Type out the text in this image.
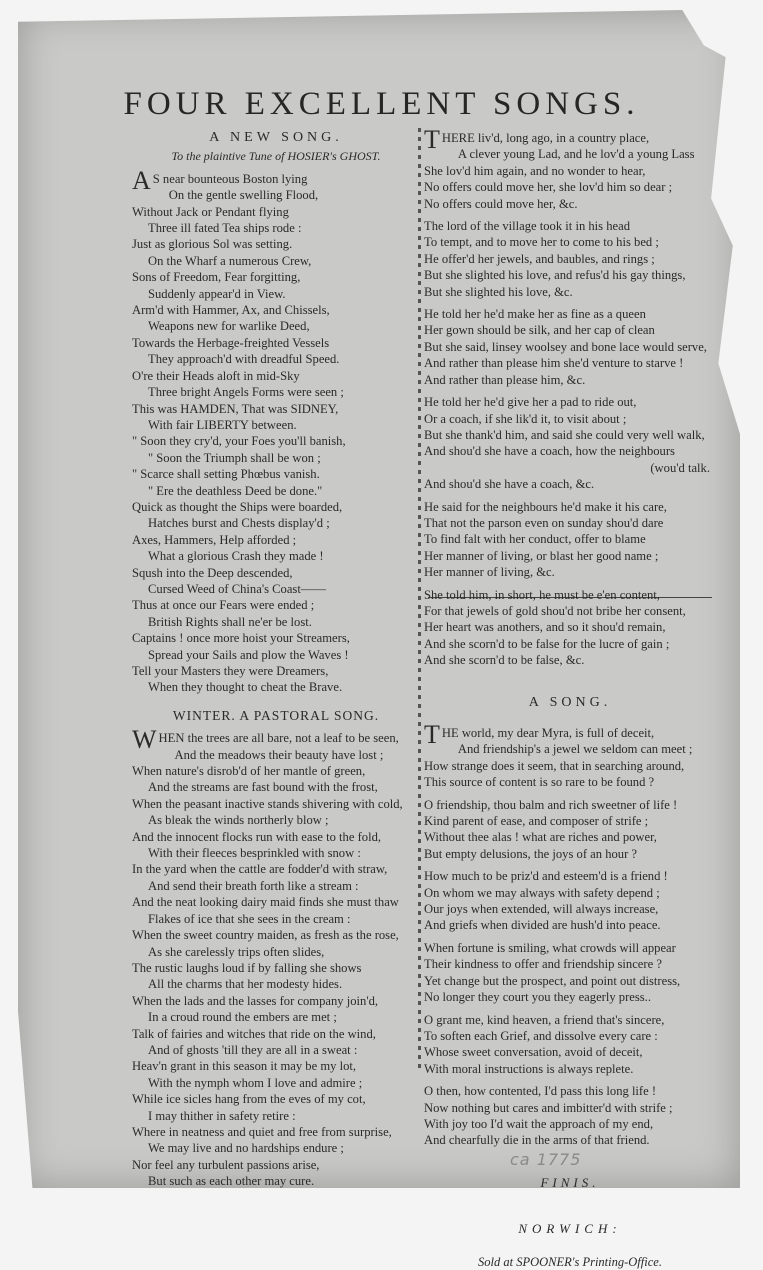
FOUR EXCELLENT SONGS.
A NEW SONG.
To the plaintive Tune of HOSIER's GHOST.
A S near bounteous Boston lying
On the gentle swelling Flood,
Without Jack or Pendant flying
Three ill fated Tea ships rode :
Just as glorious Sol was setting.
On the Wharf a numerous Crew,
Sons of Freedom, Fear forgitting,
Suddenly appear'd in View.
Arm'd with Hammer, Ax, and Chissels,
Weapons new for warlike Deed,
Towards the Herbage-freighted Vessels
They approach'd with dreadful Speed.
O're their Heads aloft in mid-Sky
Three bright Angels Forms were seen ;
This was HAMDEN, That was SIDNEY,
With fair LIBERTY between.
" Soon they cry'd, your Foes you'll banish,
" Soon the Triumph shall be won ;
" Scarce shall setting Phœbus vanish.
" Ere the deathless Deed be done."
Quick as thought the Ships were boarded,
Hatches burst and Chests display'd ;
Axes, Hammers, Help afforded ;
What a glorious Crash they made !
Sqush into the Deep descended,
Cursed Weed of China's Coast——
Thus at once our Fears were ended ;
British Rights shall ne'er be lost.
Captains ! once more hoist your Streamers,
Spread your Sails and plow the Waves !
Tell your Masters they were Dreamers,
When they thought to cheat the Brave.
WINTER. A PASTORAL SONG.
W HEN the trees are all bare, not a leaf to be seen,
And the meadows their beauty have lost ;
When nature's disrob'd of her mantle of green,
And the streams are fast bound with the frost,
When the peasant inactive stands shivering with cold,
As bleak the winds northerly blow ;
And the innocent flocks run with ease to the fold,
With their fleeces besprinkled with snow :
In the yard when the cattle are fodder'd with straw,
And send their breath forth like a stream :
And the neat looking dairy maid finds she must thaw
Flakes of ice that she sees in the cream :
When the sweet country maiden, as fresh as the rose,
As she carelessly trips often slides,
The rustic laughs loud if by falling she shows
All the charms that her modesty hides.
When the lads and the lasses for company join'd,
In a croud round the embers are met ;
Talk of fairies and witches that ride on the wind,
And of ghosts 'till they are all in a sweat :
Heav'n grant in this season it may be my lot,
With the nymph whom I love and admire ;
While ice sicles hang from the eves of my cot,
I may thither in safety retire :
Where in neatness and quiet and free from surprise,
We may live and no hardships endure ;
Nor feel any turbulent passions arise,
But such as each other may cure.
T HERE liv'd, long ago, in a country place,
A clever young Lad, and he lov'd a young Lass
She lov'd him again, and no wonder to hear,
No offers could move her, she lov'd him so dear ;
No offers could move her, &c.
The lord of the village took it in his head
To tempt, and to move her to come to his bed ;
He offer'd her jewels, and baubles, and rings ;
But she slighted his love, and refus'd his gay things,
But she slighted his love, &c.
He told her he'd make her as fine as a queen
Her gown should be silk, and her cap of clean
But she said, linsey woolsey and bone lace would serve,
And rather than please him she'd venture to starve !
And rather than please him, &c.
He told her he'd give her a pad to ride out,
Or a coach, if she lik'd it, to visit about ;
But she thank'd him, and said she could very well walk,
And shou'd she have a coach, how the neighbours
(wou'd talk.
And shou'd she have a coach, &c.
He said for the neighbours he'd make it his care,
That not the parson even on sunday shou'd dare
To find falt with her conduct, offer to blame
Her manner of living, or blast her good name ;
Her manner of living, &c.
She told him, in short, he must be e'en content,
For that jewels of gold shou'd not bribe her consent,
Her heart was anothers, and so it shou'd remain,
And she scorn'd to be false for the lucre of gain ;
And she scorn'd to be false, &c.
A SONG.
T HE world, my dear Myra, is full of deceit,
And friendship's a jewel we seldom can meet ;
How strange does it seem, that in searching around,
This source of content is so rare to be found ?
O friendship, thou balm and rich sweetner of life !
Kind parent of ease, and composer of strife ;
Without thee alas ! what are riches and power,
But empty delusions, the joys of an hour ?
How much to be priz'd and esteem'd is a friend !
On whom we may always with safety depend ;
Our joys when extended, will always increase,
And griefs when divided are hush'd into peace.
When fortune is smiling, what crowds will appear
Their kindness to offer and friendship sincere ?
Yet change but the prospect, and point out distress,
No longer they court you they eagerly press..
O grant me, kind heaven, a friend that's sincere,
To soften each Grief, and dissolve every care :
Whose sweet conversation, avoid of deceit,
With moral instructions is always replete.
O then, how contented, I'd pass this long life !
Now nothing but cares and imbitter'd with strife ;
With joy too I'd wait the approach of my end,
And chearfully die in the arms of that friend.
FINIS.
NORWICH:
Sold at SPOONER's Printing-Office.
ca 1775
